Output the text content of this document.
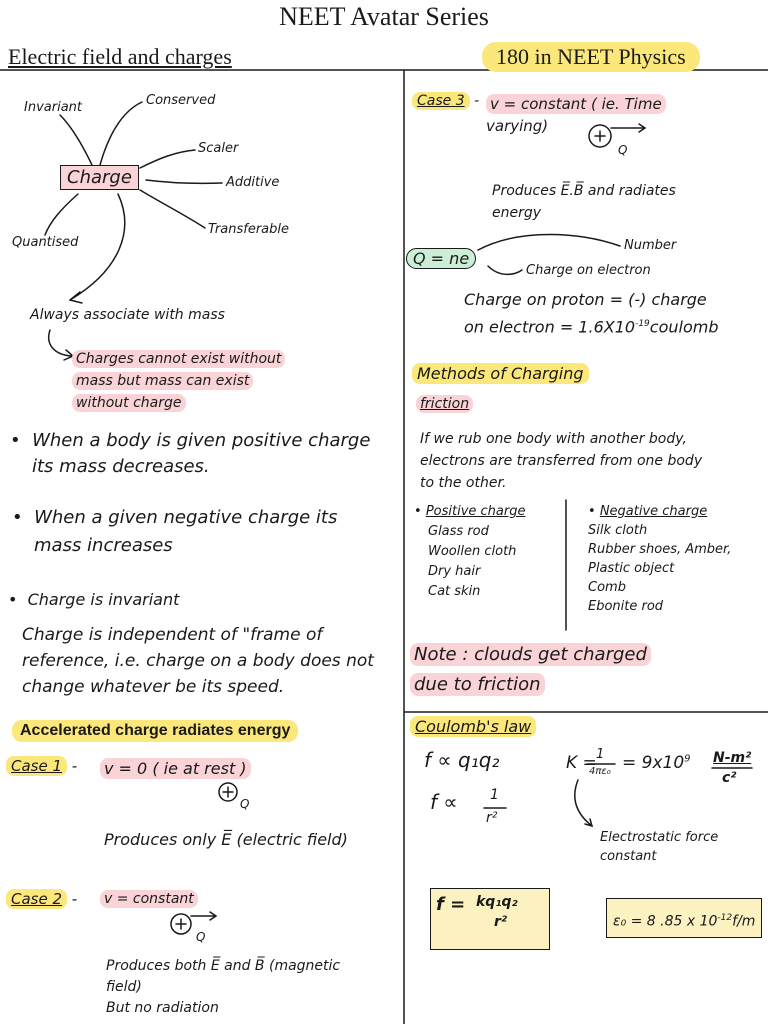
NEET Avatar Series
Electric field and charges	180 in NEET Physics
Invariant	Conserved
Scaler
Additive
Transferable
Quantised
Charge
Always associate with mass
Charges cannot exist without
mass but mass can exist
without charge
•  When a body is given positive charge
its mass decreases.
•  When a given negative charge its
mass increases
•  Charge is invariant
Charge is independent of "frame of
reference, i.e. charge on a body does not
change whatever be its speed.
Accelerated charge radiates energy
Case 1 - v = 0 ( ie at rest )
Q
Produces only E̅ (electric field)
Case 2 - v = constant
Q
Produces both E̅ and B̅ (magnetic
field)
But no radiation
Case 3 - v = constant ( ie. Time
varying)
Q
Produces E̅.B̅ and radiates
energy
Q = ne
Number
Charge on electron
Charge on proton = (-) charge
on electron = $1.6X10^{-19}coulomb$
Methods of Charging
friction
If we rub one body with another body,
electrons are transferred from one body
to the other.
• Positive charge
Glass rod
Woollen cloth
Dry hair
Cat skin
• Negative charge
Silk cloth
Rubber shoes, Amber,
Plastic object
Comb
Ebonite rod
Note : clouds get charged
due to friction
Coulomb's law
f ∝ q₁q₂
f ∝ 1
r²
K = 1
$4\pi\varepsilon_0 = 9x10^9$ N-m²
c²
Electrostatic force
constant
f = kq₁q₂
r²	ε₀ = 8 .85 x $10^{-12}f/m$
